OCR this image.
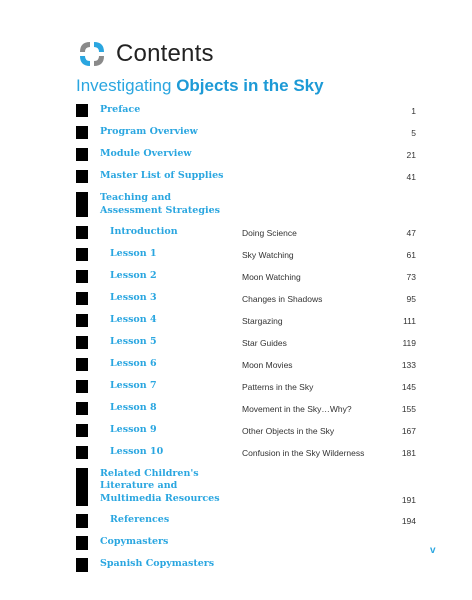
Contents
Investigating Objects in the Sky
Preface	1
Program Overview	5
Module Overview	21
Master List of Supplies	41
Teaching and Assessment Strategies
Introduction	Doing Science	47
Lesson 1	Sky Watching	61
Lesson 2	Moon Watching	73
Lesson 3	Changes in Shadows	95
Lesson 4	Stargazing	111
Lesson 5	Star Guides	119
Lesson 6	Moon Movies	133
Lesson 7	Patterns in the Sky	145
Lesson 8	Movement in the Sky…Why?	155
Lesson 9	Other Objects in the Sky	167
Lesson 10	Confusion in the Sky Wilderness	181
Related Children's Literature and Multimedia Resources	191
References	194
Copymasters
Spanish Copymasters
v
